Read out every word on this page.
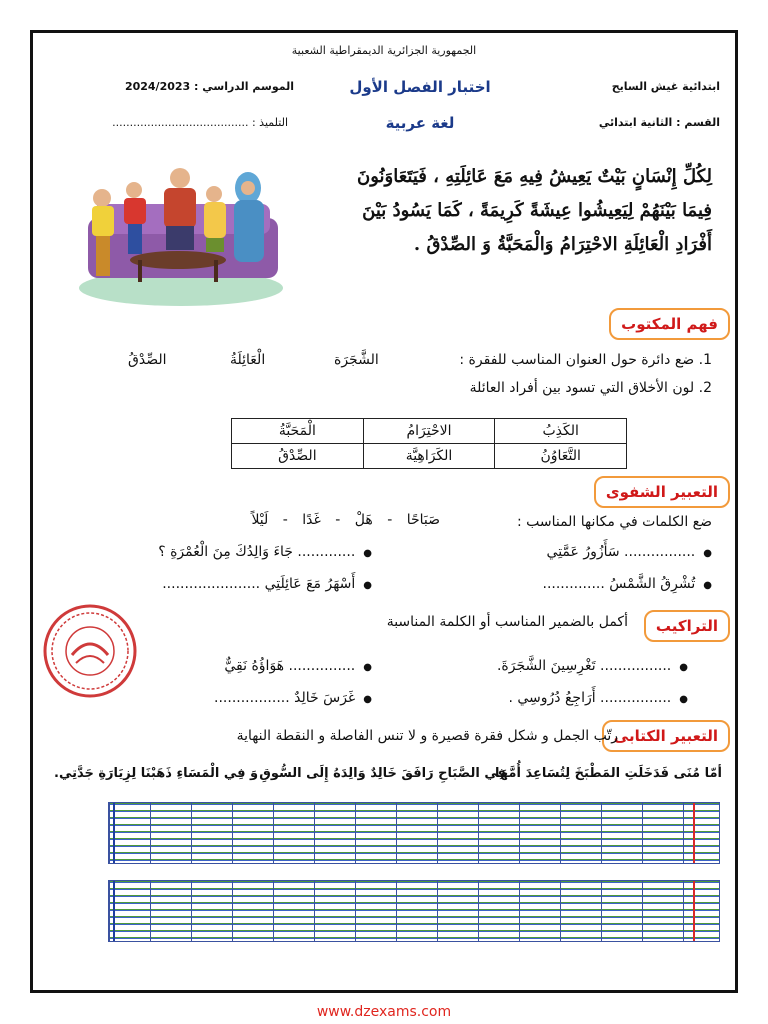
الجمهورية الجزائرية الديمقراطية الشعبية
ابتدائية غيش السايح
اختبار الفصل الأول
الموسم الدراسي : 2024/2023
القسم : الثانية ابتدائي
لغة عربية
التلميذ : .......................................
لِكُلِّ إِنْسَانٍ بَيْتٌ يَعِيشُ فِيهِ مَعَ عَائِلَتِهِ ، فَيَتَعَاوَنُونَ
فِيمَا بَيْنَهُمْ لِيَعِيشُوا عِيشَةً كَرِيمَةً ، كَمَا يَسُودُ بَيْنَ
أَفْرَادِ الْعَائِلَةِ الاحْتِرَامُ وَالْمَحَبَّةُ وَ الصِّدْقُ .
فهم المكتوب
1. ضع دائرة حول العنوان المناسب للفقرة :
الشَّجَرَة
الْعَائِلَةُ
الصِّدْقُ
2. لون الأخلاق التي تسود بين أفراد العائلة
الكَذِبُ	الاحْتِرَامُ	الْمَحَبَّةُ
التَّعَاوُنُ	الكَرَاهِيَّة	الصِّدْقُ
التعبير الشفوى
ضع الكلمات في مكانها المناسب :
صَبَاحًا - هَلْ - غَدًا - لَيْلاً
● ................ سَأَزُورُ عَمَّتِي
● ............. جَاءَ وَالِدُكَ مِنَ الْعُمْرَةِ ؟
● تُشْرِقُ الشَّمْسُ ..............
● أَسْهَرُ مَعَ عَائِلَتِي ......................
التراكيب
أكمل بالضمير المناسب أو الكلمة المناسبة
● ................ تَغْرِسِينَ الشَّجَرَةَ.
● ............... هَوَاؤُهُ نَقِيٌّ
● ................ أَرَاجِعُ دُرُوسِي .
● غَرَسَ خَالِدٌ .................
التعبير الكتابى
رتّب الجمل و شكل فقرة قصيرة و لا تنس الفاصلة و النقطة النهاية
أمّا مُنَى فَدَخَلَتِ المَطْبَخَ لِتُسَاعِدَ أُمَّهَا
فِي الصَّبَاحِ رَافَقَ خَالِدٌ وَالِدَهُ إِلَى السُّوقِ
وَ فِي الْمَسَاءِ ذَهَبْنَا لِزِيَارَةِ جَدَّتِي.
www.dzexams.com
